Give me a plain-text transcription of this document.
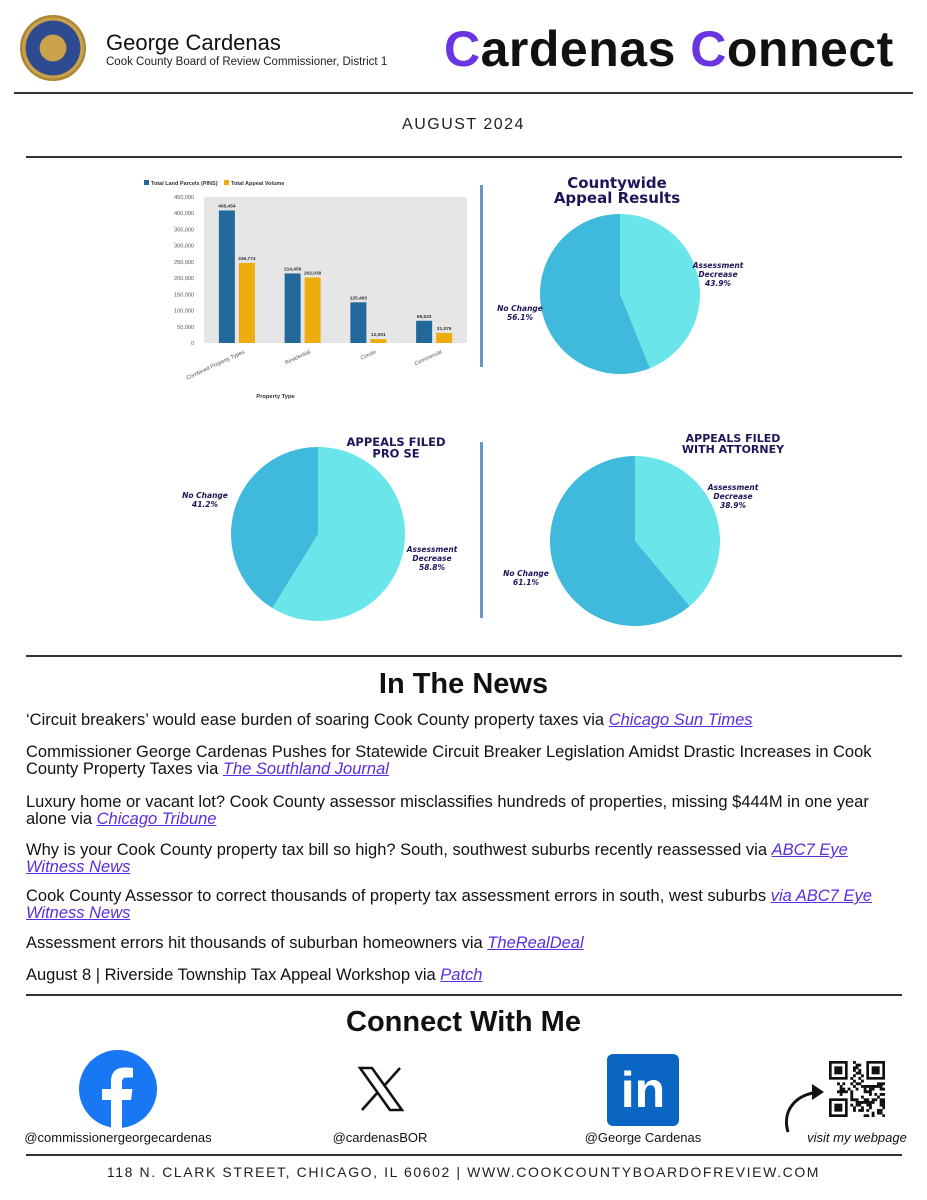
George Cardenas
Cook County Board of Review Commissioner, District 1 Cardenas Connect
AUGUST 2024
Total Land Parcels (PINS) Total Appeal Volume
450,000
400,000
350,000
300,000
250,000
200,000
150,000
100,000
50,000
0
408,454
246,774
Combined Property Types
214,459
202,039
Residential
125,463
12,001
Condo
68,533
31,075
Commercial
Property Type
Countywide
Appeal Results
Assessment
Decrease
43.9%
No Change
56.1%
APPEALS FILED
PRO SE
Assessment
Decrease
58.8%
No Change
41.2%
APPEALS FILED
WITH ATTORNEY
Assessment
Decrease
38.9%
No Change
61.1%
In The News
‘Circuit breakers’ would ease burden of soaring Cook County property taxes via Chicago Sun Times
Commissioner George Cardenas Pushes for Statewide Circuit Breaker Legislation Amidst Drastic Increases in Cook County Property Taxes via The Southland Journal
Luxury home or vacant lot? Cook County assessor misclassifies hundreds of properties, missing $444M in one year alone via Chicago Tribune
Why is your Cook County property tax bill so high? South, southwest suburbs recently reassessed via ABC7 Eye Witness News
Cook County Assessor to correct thousands of property tax assessment errors in south, west suburbs via ABC7 Eye Witness News
Assessment errors hit thousands of suburban homeowners via TheRealDeal
August 8 | Riverside Township Tax Appeal Workshop via Patch
Connect With Me
@commissionergeorgecardenas	@cardenasBOR
in
@George Cardenas	visit my webpage
118 N. CLARK STREET, CHICAGO, IL 60602 | WWW.COOKCOUNTYBOARDOFREVIEW.COM
